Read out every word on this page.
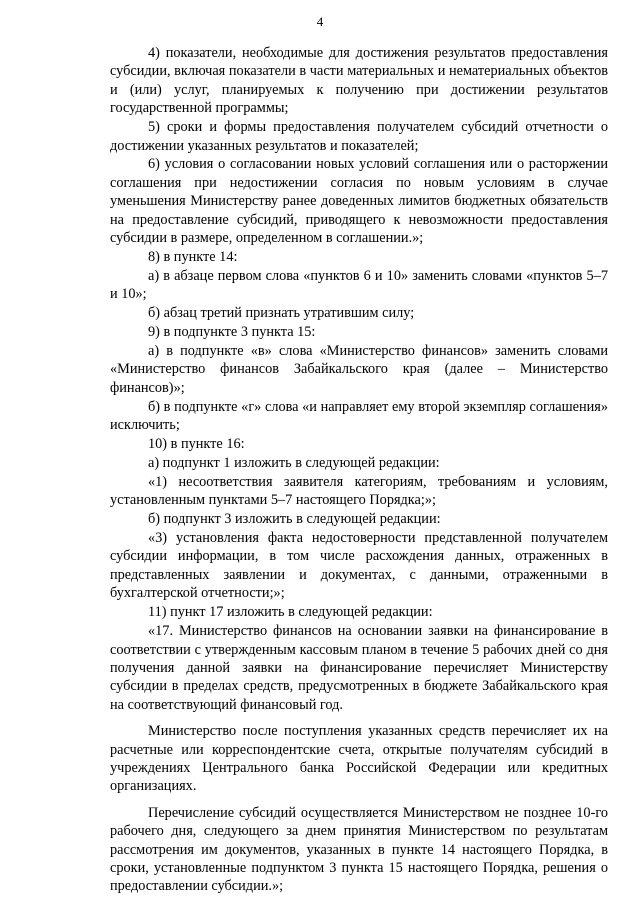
4

4) показатели, необходимые для достижения результатов предоставления субсидии, включая показатели в части материальных и нематериальных объектов и (или) услуг, планируемых к получению при достижении результатов государственной программы;

5) сроки и формы предоставления получателем субсидий отчетности о достижении указанных результатов и показателей;

6) условия о согласовании новых условий соглашения или о расторжении соглашения при недостижении согласия по новым условиям в случае уменьшения Министерству ранее доведенных лимитов бюджетных обязательств на предоставление субсидий, приводящего к невозможности предоставления субсидии в размере, определенном в соглашении.»;

8) в пункте 14:

а) в абзаце первом слова «пунктов 6 и 10» заменить словами «пунктов 5–7 и 10»;

б) абзац третий признать утратившим силу;

9) в подпункте 3 пункта 15:

а) в подпункте «в» слова «Министерство финансов» заменить словами «Министерство финансов Забайкальского края (далее – Министерство финансов)»;

б) в подпункте «г» слова «и направляет ему второй экземпляр соглашения» исключить;

10) в пункте 16:

а) подпункт 1 изложить в следующей редакции:

«1) несоответствия заявителя категориям, требованиям и условиям, установленным пунктами 5–7 настоящего Порядка;»;

б) подпункт 3 изложить в следующей редакции:

«3) установления факта недостоверности представленной получателем субсидии информации, в том числе расхождения данных, отраженных в представленных заявлении и документах, с данными, отраженными в бухгалтерской отчетности;»;

11) пункт 17 изложить в следующей редакции:

«17. Министерство финансов на основании заявки на финансирование в соответствии с утвержденным кассовым планом в течение 5 рабочих дней со дня получения данной заявки на финансирование перечисляет Министерству субсидии в пределах средств, предусмотренных в бюджете Забайкальского края на соответствующий финансовый год.

Министерство после поступления указанных средств перечисляет их на расчетные или корреспондентские счета, открытые получателям субсидий в учреждениях Центрального банка Российской Федерации или кредитных организациях.

Перечисление субсидий осуществляется Министерством не позднее 10-го рабочего дня, следующего за днем принятия Министерством по результатам рассмотрения им документов, указанных в пункте 14 настоящего Порядка, в сроки, установленные подпунктом 3 пункта 15 настоящего Порядка, решения о предоставлении субсидии.»;
